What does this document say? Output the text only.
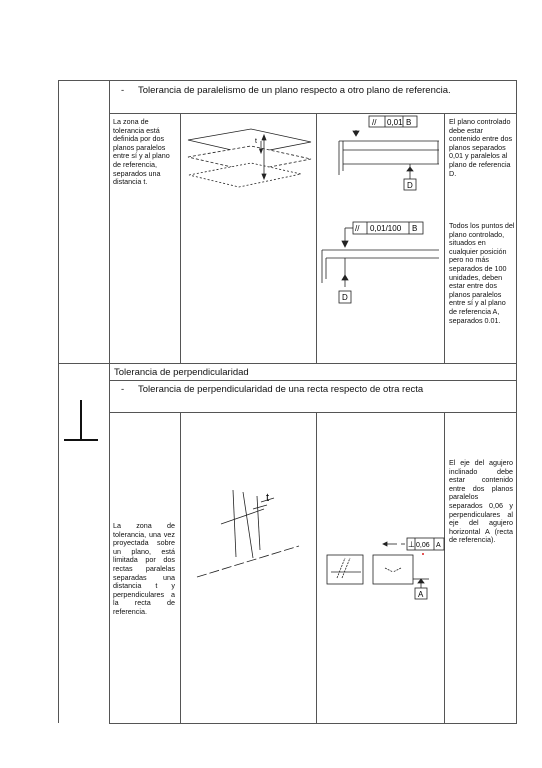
- Tolerancia de paralelismo de un plano respecto a otro plano de referencia.
La zona de tolerancia está definida por dos planos paralelos entre sí y al plano de referencia, separados una distancia t.
t
// 0,01 B
D
El plano controlado debe estar contenido entre dos planos separados 0,01 y paralelos al plano de referencia D.
// 0,01/100 B
D
Todos los puntos del plano controlado, situados en cualquier posición pero no más separados de 100 unidades, deben estar entre dos planos paralelos entre sí y al plano de referencia A, separados 0.01.
Tolerancia de perpendicularidad
- Tolerancia de perpendicularidad de una recta respecto de otra recta
La zona de tolerancia, una vez proyectada sobre un plano, está limitada por dos rectas paralelas separadas una distancia t y perpendiculares a la recta de referencia.
t
⊥ 0,06 A
A
El eje del agujero inclinado debe estar contenido entre dos planos paralelos separados 0,06 y perpendiculares al eje del agujero horizontal A (recta de referencia).
